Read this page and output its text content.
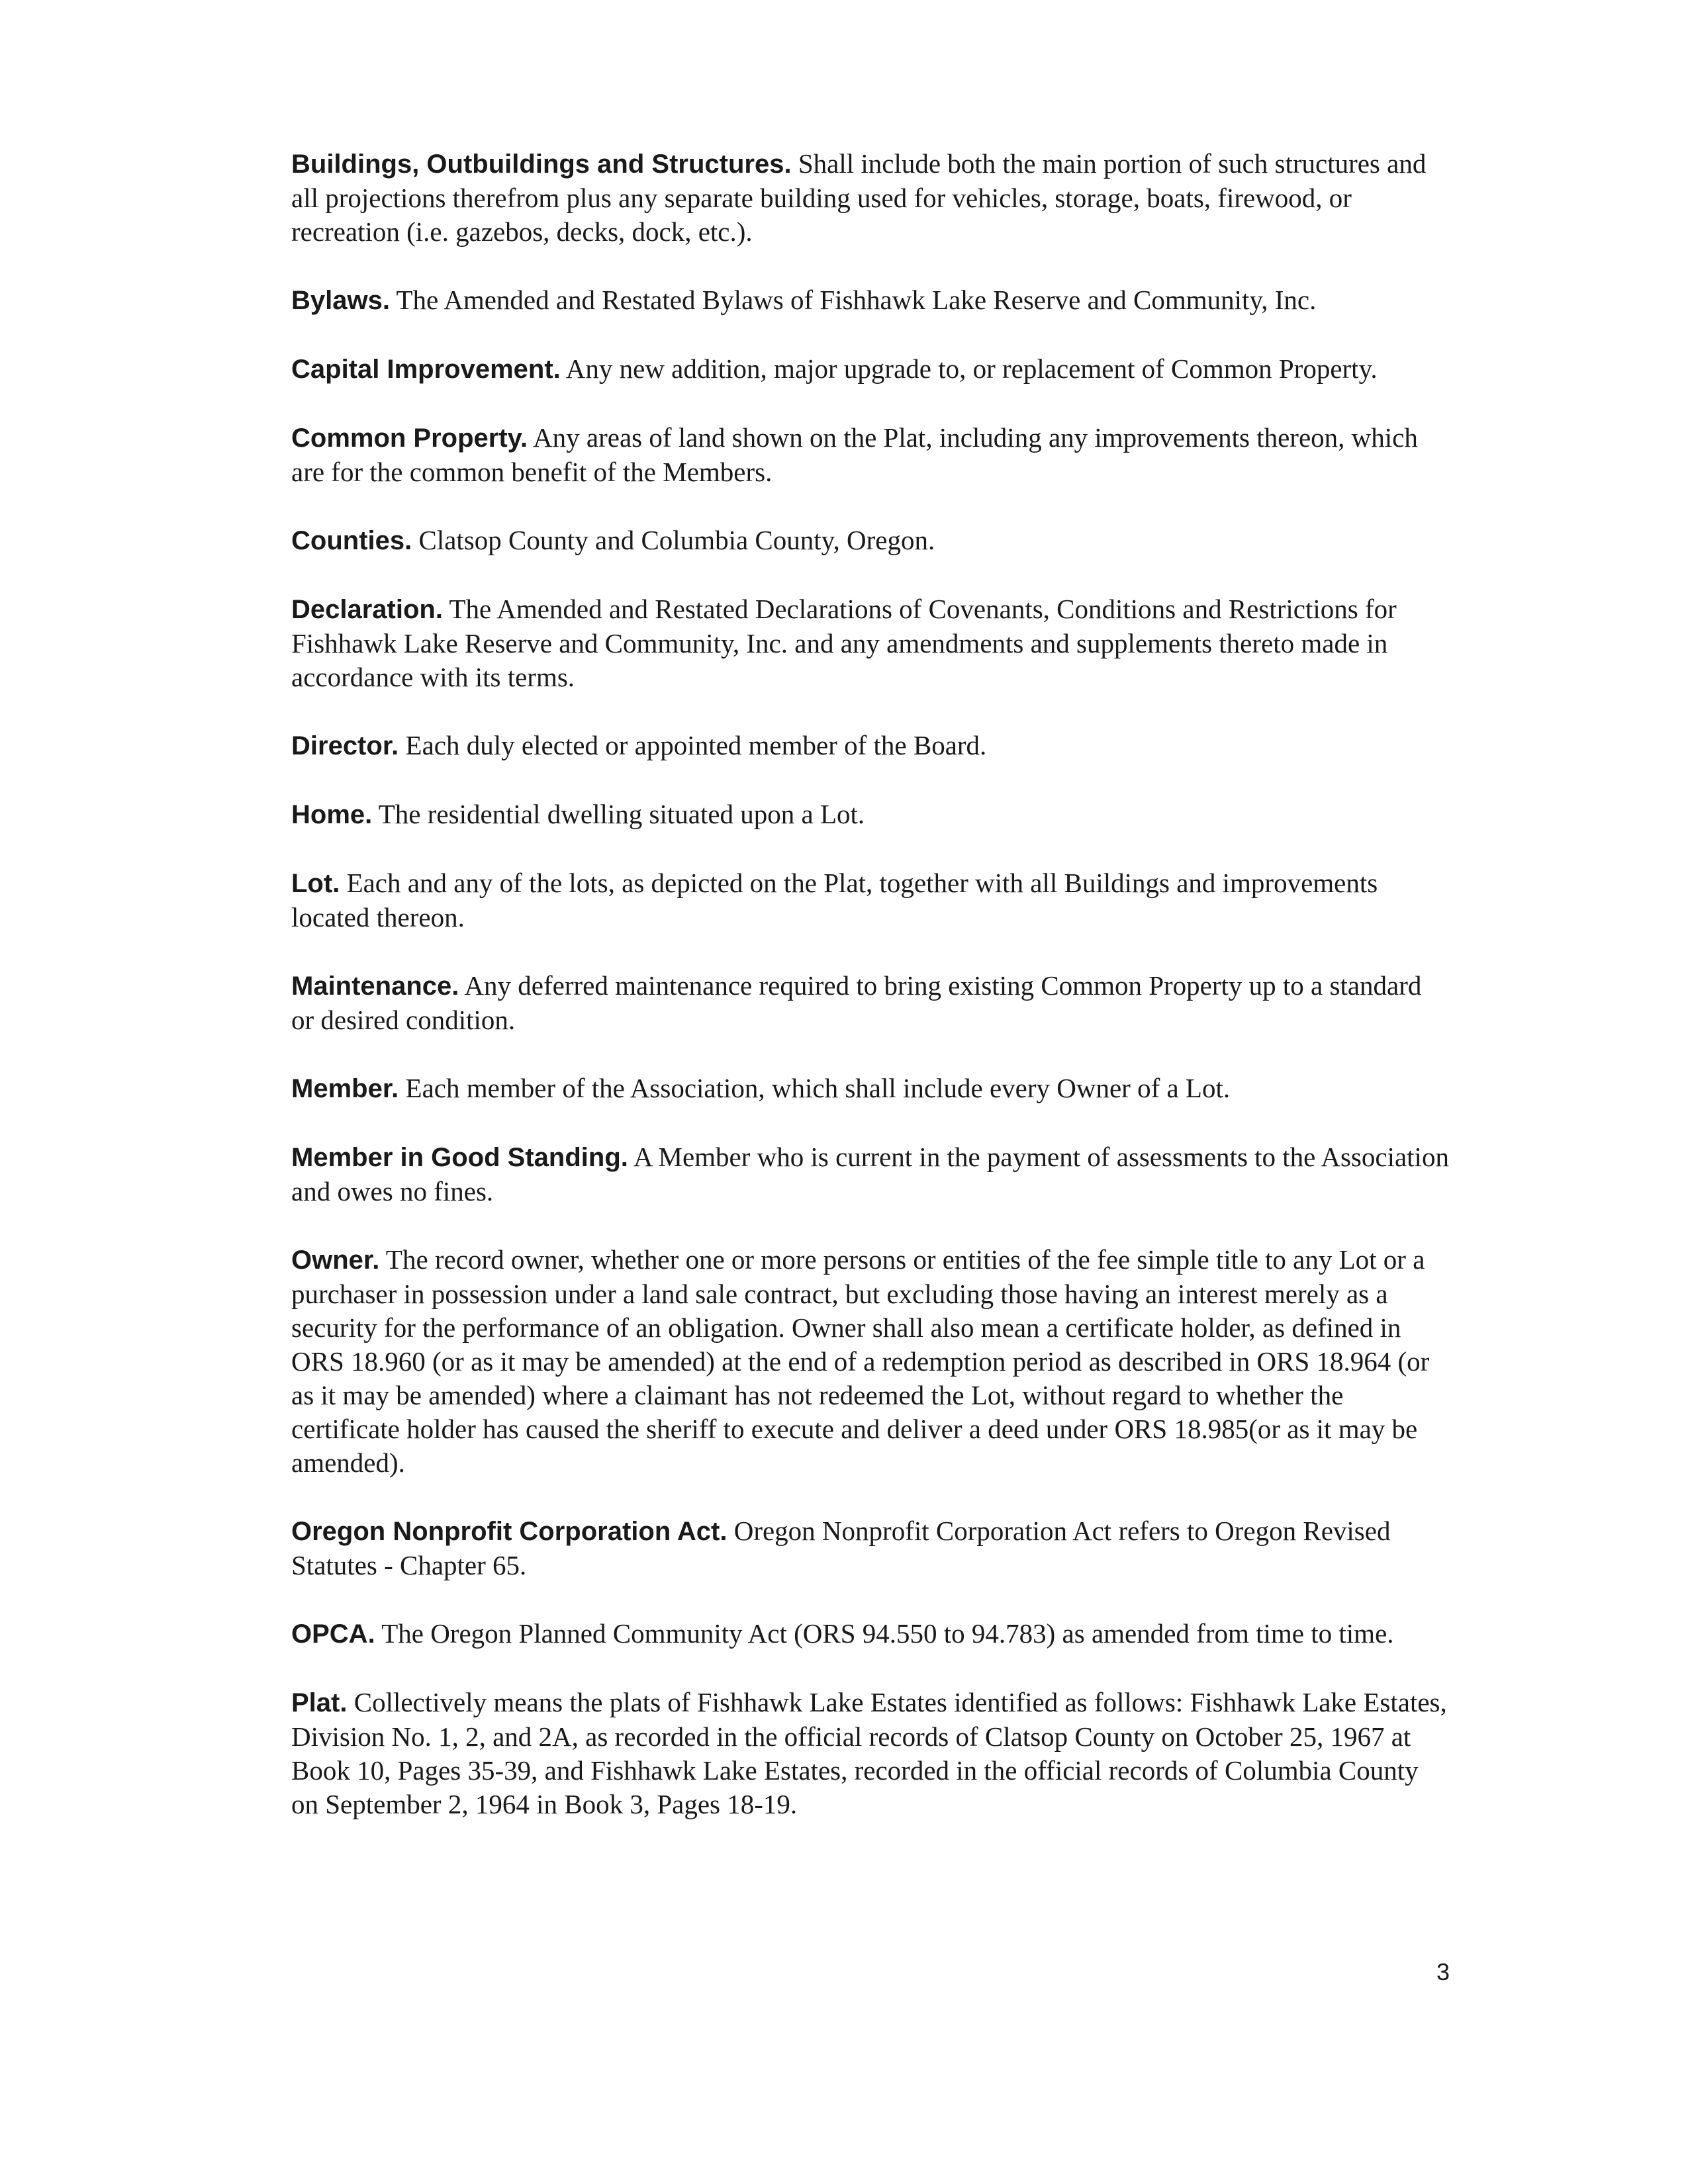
Buildings, Outbuildings and Structures. Shall include both the main portion of such structures and all projections therefrom plus any separate building used for vehicles, storage, boats, firewood, or recreation (i.e. gazebos, decks, dock, etc.).

Bylaws. The Amended and Restated Bylaws of Fishhawk Lake Reserve and Community, Inc.

Capital Improvement. Any new addition, major upgrade to, or replacement of Common Property.

Common Property. Any areas of land shown on the Plat, including any improvements thereon, which are for the common benefit of the Members.

Counties. Clatsop County and Columbia County, Oregon.

Declaration. The Amended and Restated Declarations of Covenants, Conditions and Restrictions for Fishhawk Lake Reserve and Community, Inc. and any amendments and supplements thereto made in accordance with its terms.

Director. Each duly elected or appointed member of the Board.

Home. The residential dwelling situated upon a Lot.

Lot. Each and any of the lots, as depicted on the Plat, together with all Buildings and improvements located thereon.

Maintenance. Any deferred maintenance required to bring existing Common Property up to a standard or desired condition.

Member. Each member of the Association, which shall include every Owner of a Lot.

Member in Good Standing. A Member who is current in the payment of assessments to the Association and owes no fines.

Owner. The record owner, whether one or more persons or entities of the fee simple title to any Lot or a purchaser in possession under a land sale contract, but excluding those having an interest merely as a security for the performance of an obligation. Owner shall also mean a certificate holder, as defined in ORS 18.960 (or as it may be amended) at the end of a redemption period as described in ORS 18.964 (or as it may be amended) where a claimant has not redeemed the Lot, without regard to whether the certificate holder has caused the sheriff to execute and deliver a deed under ORS 18.985(or as it may be amended).

Oregon Nonprofit Corporation Act. Oregon Nonprofit Corporation Act refers to Oregon Revised Statutes - Chapter 65.

OPCA. The Oregon Planned Community Act (ORS 94.550 to 94.783) as amended from time to time.

Plat. Collectively means the plats of Fishhawk Lake Estates identified as follows: Fishhawk Lake Estates, Division No. 1, 2, and 2A, as recorded in the official records of Clatsop County on October 25, 1967 at Book 10, Pages 35-39, and Fishhawk Lake Estates, recorded in the official records of Columbia County on September 2, 1964 in Book 3, Pages 18-19.

3
